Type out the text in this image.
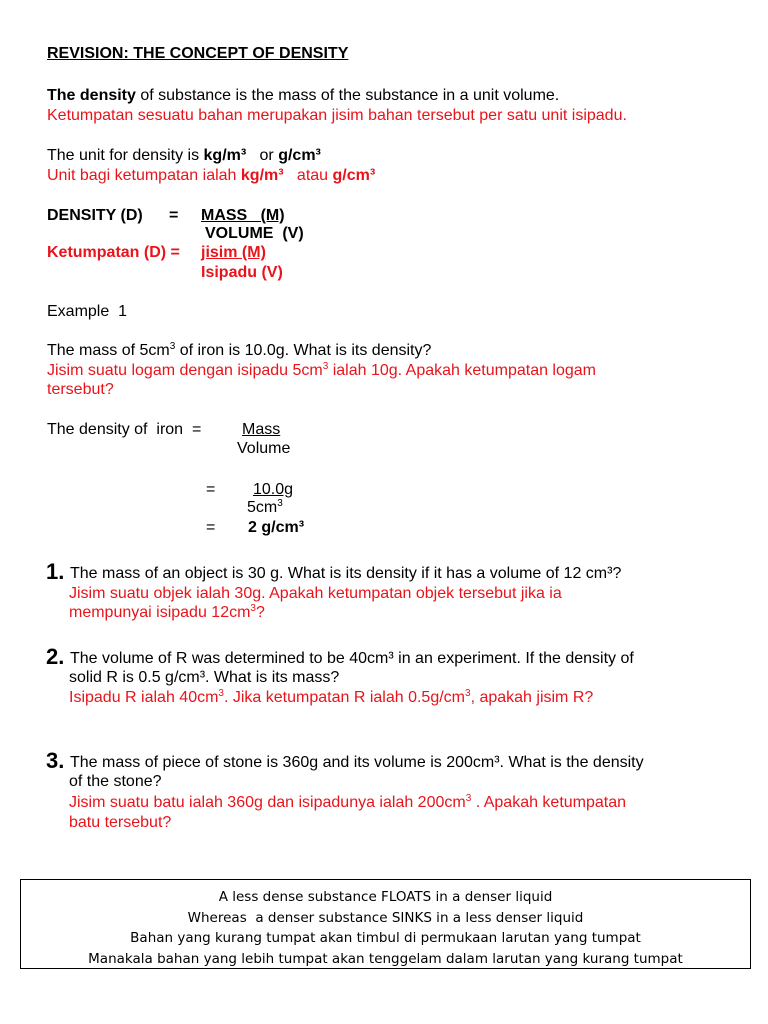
REVISION: THE CONCEPT OF DENSITY
The density of substance is the mass of the substance in a unit volume.
Ketumpatan sesuatu bahan merupakan jisim bahan tersebut per satu unit isipadu.
The unit for density is kg/m³   or g/cm³
Unit bagi ketumpatan ialah kg/m³   atau g/cm³
DENSITY (D) = MASS   (M)
VOLUME  (V)
Ketumpatan (D) = jisim (M)
Isipadu (V)
Example  1
The mass of $5cm^3$ of iron is 10.0g. What is its density?
Jisim suatu logam dengan isipadu $5cm^3$ ialah 10g. Apakah ketumpatan logam
tersebut?
The density of  iron  =	Mass
Volume
= 10.0g
$5cm^3$
= 2 g/cm³
1. The mass of an object is 30 g. What is its density if it has a volume of 12 cm³?
Jisim suatu objek ialah 30g. Apakah ketumpatan objek tersebut jika ia
mempunyai isipadu $12cm^3$?
2. The volume of R was determined to be 40cm³ in an experiment. If the density of
solid R is 0.5 g/cm³. What is its mass?
Isipadu R ialah $40cm^3$. Jika ketumpatan R ialah $0.5g/cm^3$, apakah jisim R?
3. The mass of piece of stone is 360g and its volume is 200cm³. What is the density
of the stone?
Jisim suatu batu ialah 360g dan isipadunya ialah $200cm^3$ . Apakah ketumpatan
batu tersebut?
A less dense substance FLOATS in a denser liquid
Whereas  a denser substance SINKS in a less denser liquid
Bahan yang kurang tumpat akan timbul di permukaan larutan yang tumpat
Manakala bahan yang lebih tumpat akan tenggelam dalam larutan yang kurang tumpat
